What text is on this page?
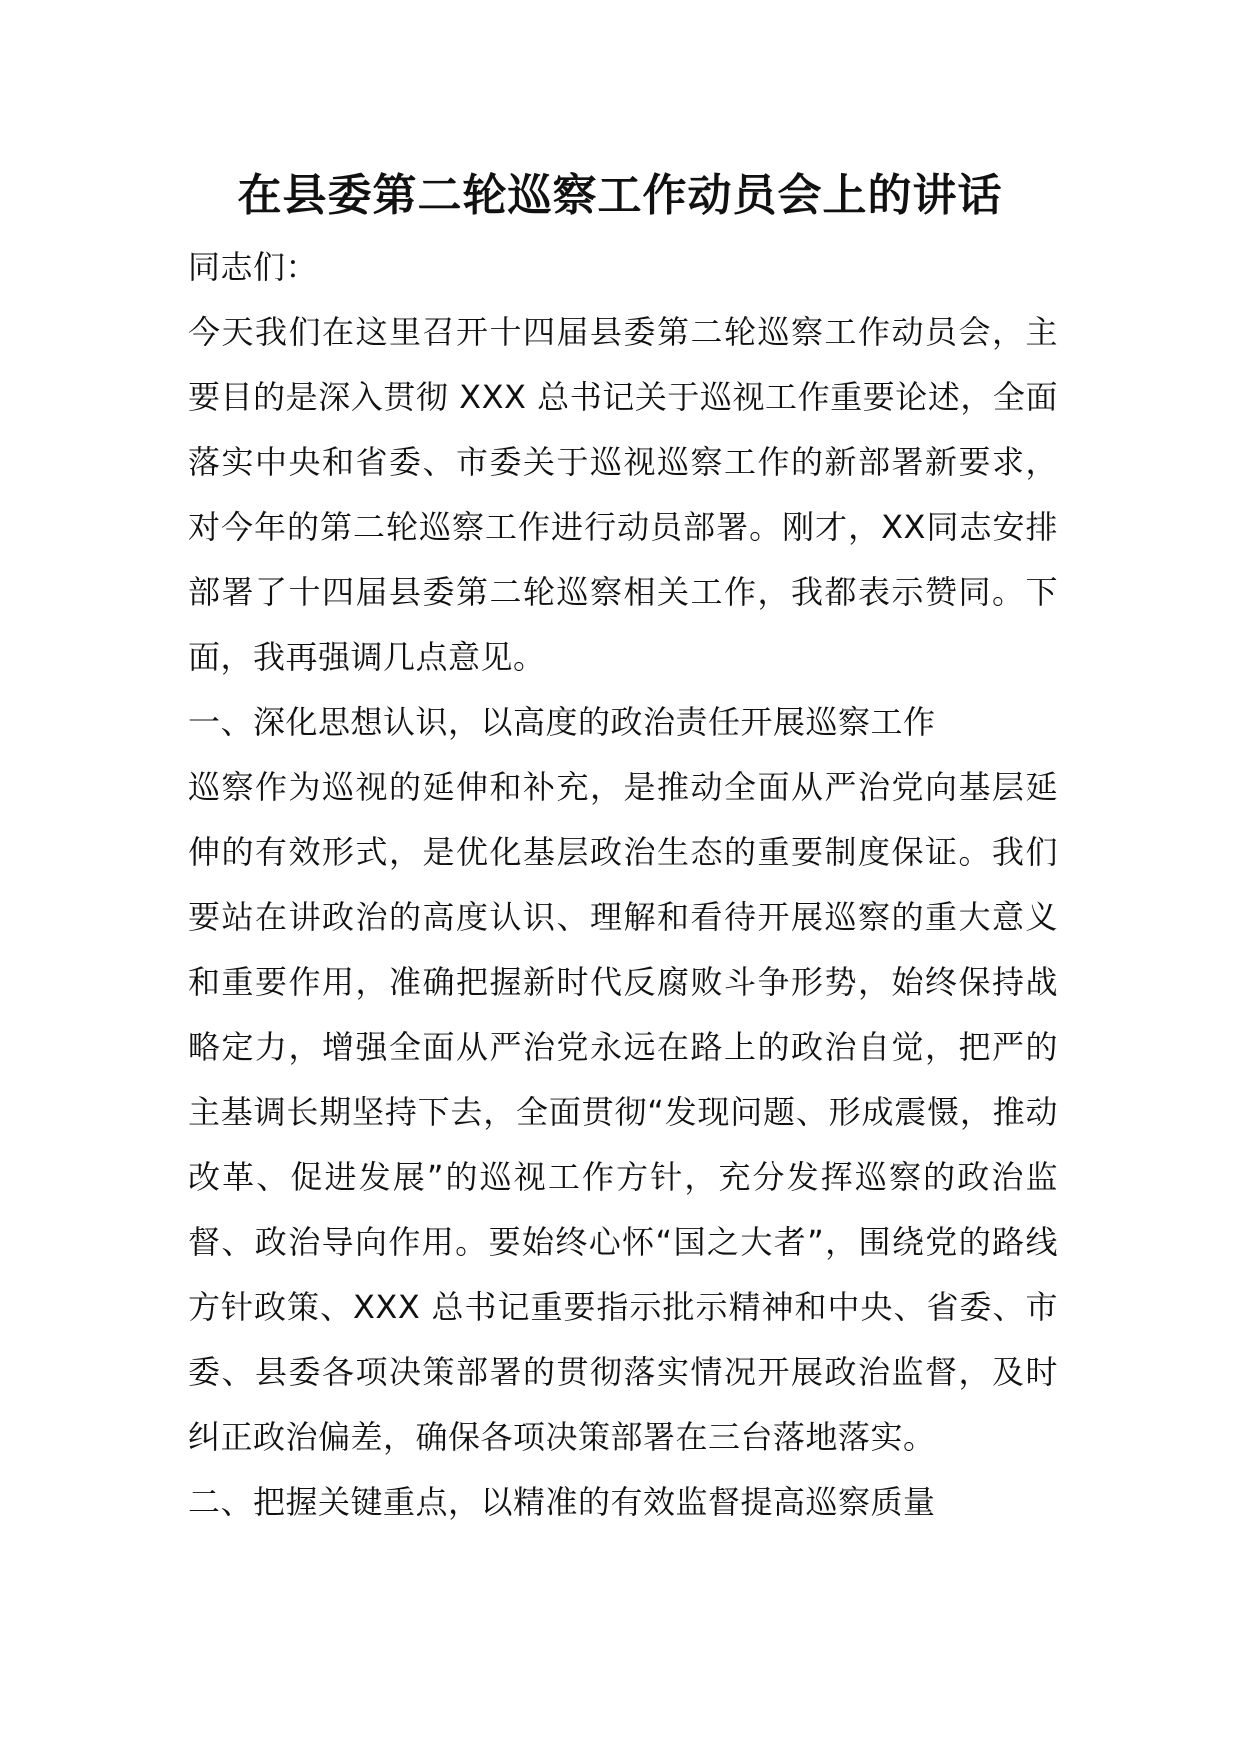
在县委第二轮巡察工作动员会上的讲话

同志们：

今天我们在这里召开十四届县委第二轮巡察工作动员会，主要目的是深入贯彻 XXX 总书记关于巡视工作重要论述，全面落实中央和省委、市委关于巡视巡察工作的新部署新要求，对今年的第二轮巡察工作进行动员部署。刚才，XX同志安排部署了十四届县委第二轮巡察相关工作，我都表示赞同。下面，我再强调几点意见。

一、深化思想认识，以高度的政治责任开展巡察工作

巡察作为巡视的延伸和补充，是推动全面从严治党向基层延伸的有效形式，是优化基层政治生态的重要制度保证。我们要站在讲政治的高度认识、理解和看待开展巡察的重大意义和重要作用，准确把握新时代反腐败斗争形势，始终保持战略定力，增强全面从严治党永远在路上的政治自觉，把严的主基调长期坚持下去，全面贯彻“发现问题、形成震慑，推动改革、促进发展”的巡视工作方针，充分发挥巡察的政治监督、政治导向作用。要始终心怀“国之大者”，围绕党的路线方针政策、XXX 总书记重要指示批示精神和中央、省委、市委、县委各项决策部署的贯彻落实情况开展政治监督，及时纠正政治偏差，确保各项决策部署在三台落地落实。

二、把握关键重点，以精准的有效监督提高巡察质量
